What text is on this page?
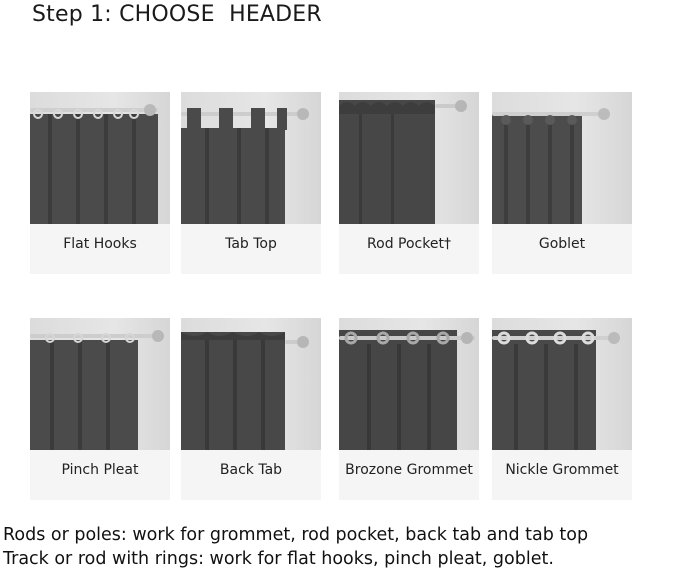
Step 1: CHOOSE  HEADER
Flat Hooks	Tab Top	Rod Pocket†	Goblet
Pinch Pleat	Back Tab	Brozone Grommet	Nickle Grommet
Rods or poles: work for grommet, rod pocket, back tab and tab top
Track or rod with rings: work for flat hooks, pinch pleat, goblet.
